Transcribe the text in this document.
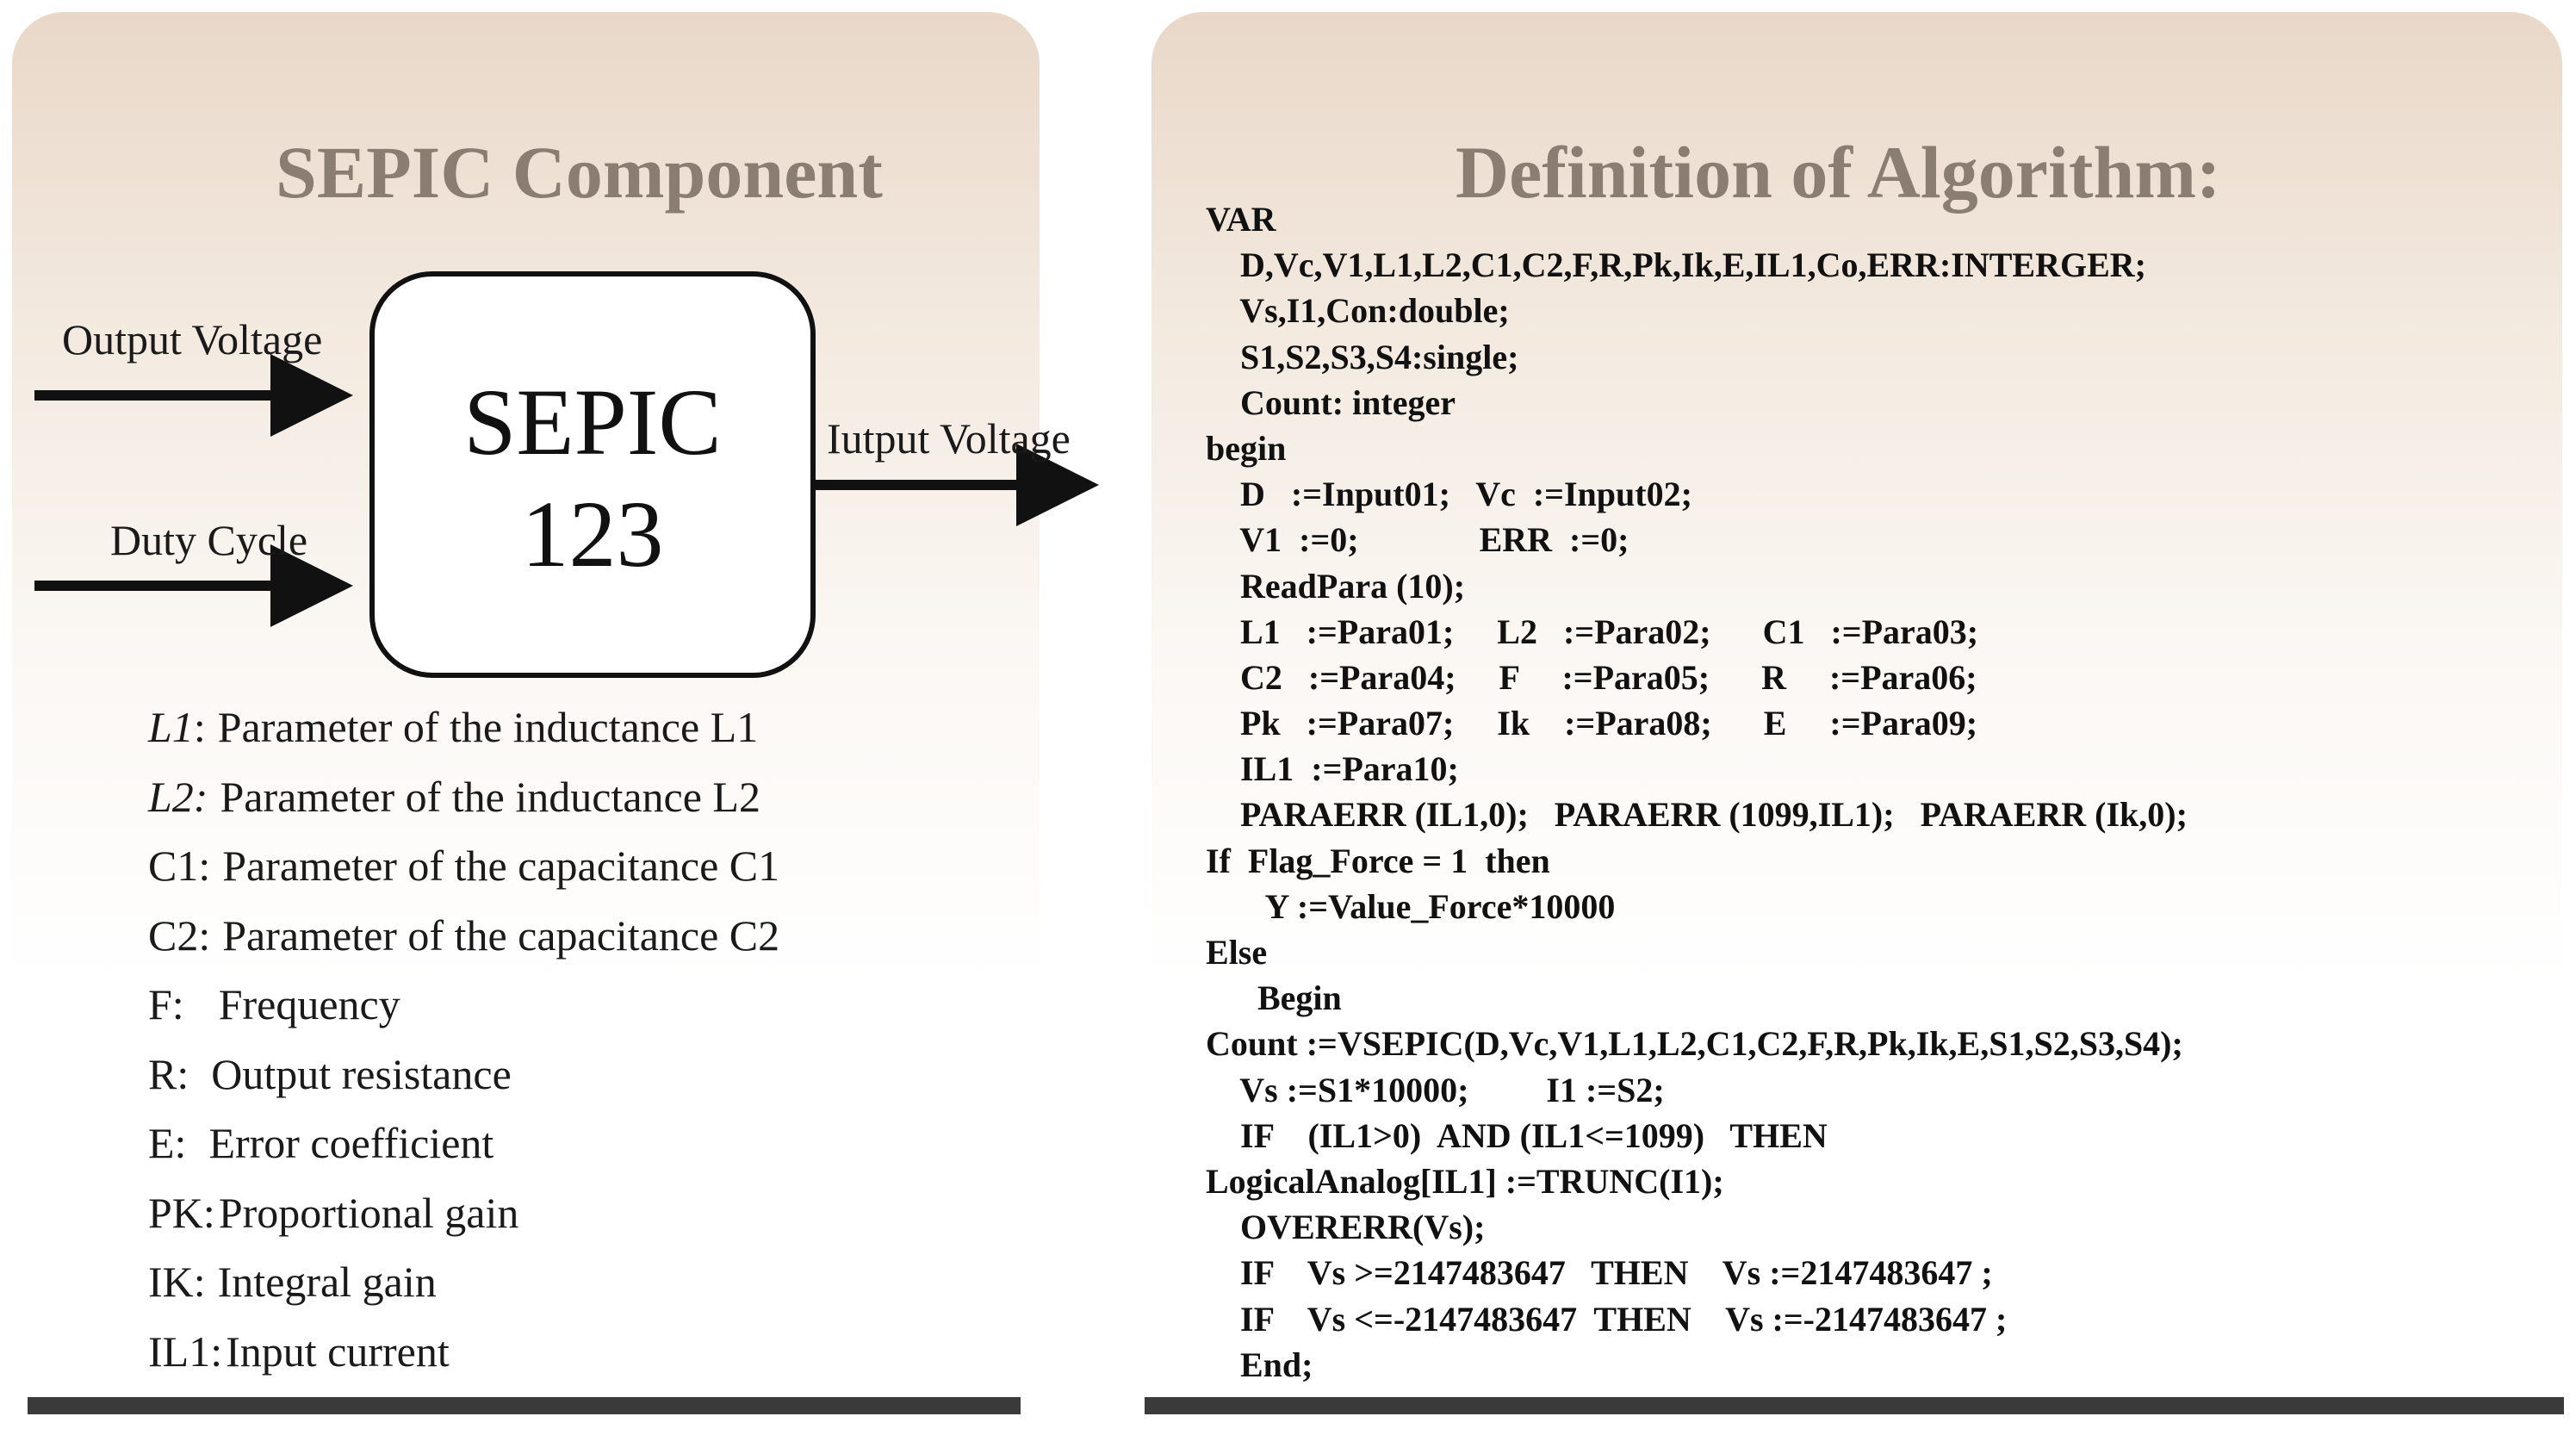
SEPIC Component
Output Voltage
Duty Cycle
Iutput Voltage
SEPIC
123
L1 : Parameter of the inductance L1
L2: Parameter of the inductance L2
C1: Parameter of the capacitance C1
C2: Parameter of the capacitance C2
F: Frequency
R: Output resistance
E: Error coefficient
PK: Proportional gain
IK: Integral gain
IL1: Input current
Definition of Algorithm:
VAR
D,Vc,V1,L1,L2,C1,C2,F,R,Pk,Ik,E,IL1,Co,ERR:INTERGER;
Vs,I1,Con:double;
S1,S2,S3,S4:single;
Count: integer
begin
D   :=Input01;   Vc  :=Input02;
V1  :=0;              ERR  :=0;
ReadPara (10);
L1   :=Para01;     L2   :=Para02;      C1   :=Para03;
C2   :=Para04;     F     :=Para05;      R     :=Para06;
Pk   :=Para07;     Ik    :=Para08;      E     :=Para09;
IL1  :=Para10;
PARAERR (IL1,0);   PARAERR (1099,IL1);   PARAERR (Ik,0);
If  Flag_Force = 1  then
Y :=Value_Force*10000
Else
Begin
Count :=VSEPIC(D,Vc,V1,L1,L2,C1,C2,F,R,Pk,Ik,E,S1,S2,S3,S4);
Vs :=S1*10000;         I1 :=S2;
IF    (IL1>0)  AND (IL1<=1099)   THEN
LogicalAnalog[IL1] :=TRUNC(I1);
OVERERR(Vs);
IF    Vs >=2147483647   THEN    Vs :=2147483647 ;
IF    Vs <=-2147483647  THEN    Vs :=-2147483647 ;
End;
